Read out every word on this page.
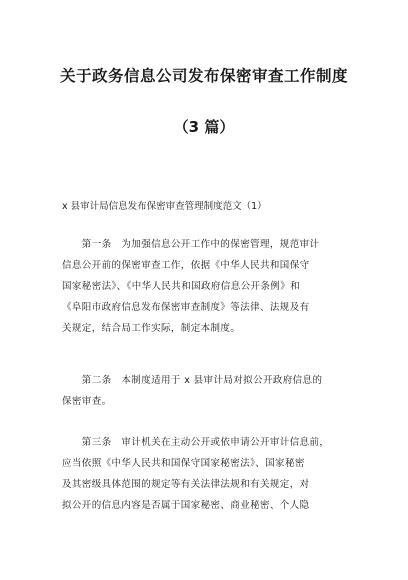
关于政务信息公司发布保密审查工作制度
（3 篇）
x 县审计局信息发布保密审查管理制度范文（1）
　　第一条　为加强信息公开工作中的保密管理，规范审计
信息公开前的保密审查工作，依据《中华人民共和国保守
国家秘密法》、《中华人民共和国政府信息公开条例》和
《阜阳市政府信息发布保密审查制度》等法律、法规及有
关规定，结合局工作实际，制定本制度。
　　第二条　本制度适用于 x 县审计局对拟公开政府信息的
保密审查。
　　第三条　审计机关在主动公开或依申请公开审计信息前，
应当依照《中华人民共和国保守国家秘密法》、国家秘密
及其密级具体范围的规定等有关法律法规和有关规定，对
拟公开的信息内容是否属于国家秘密、商业秘密、个人隐
